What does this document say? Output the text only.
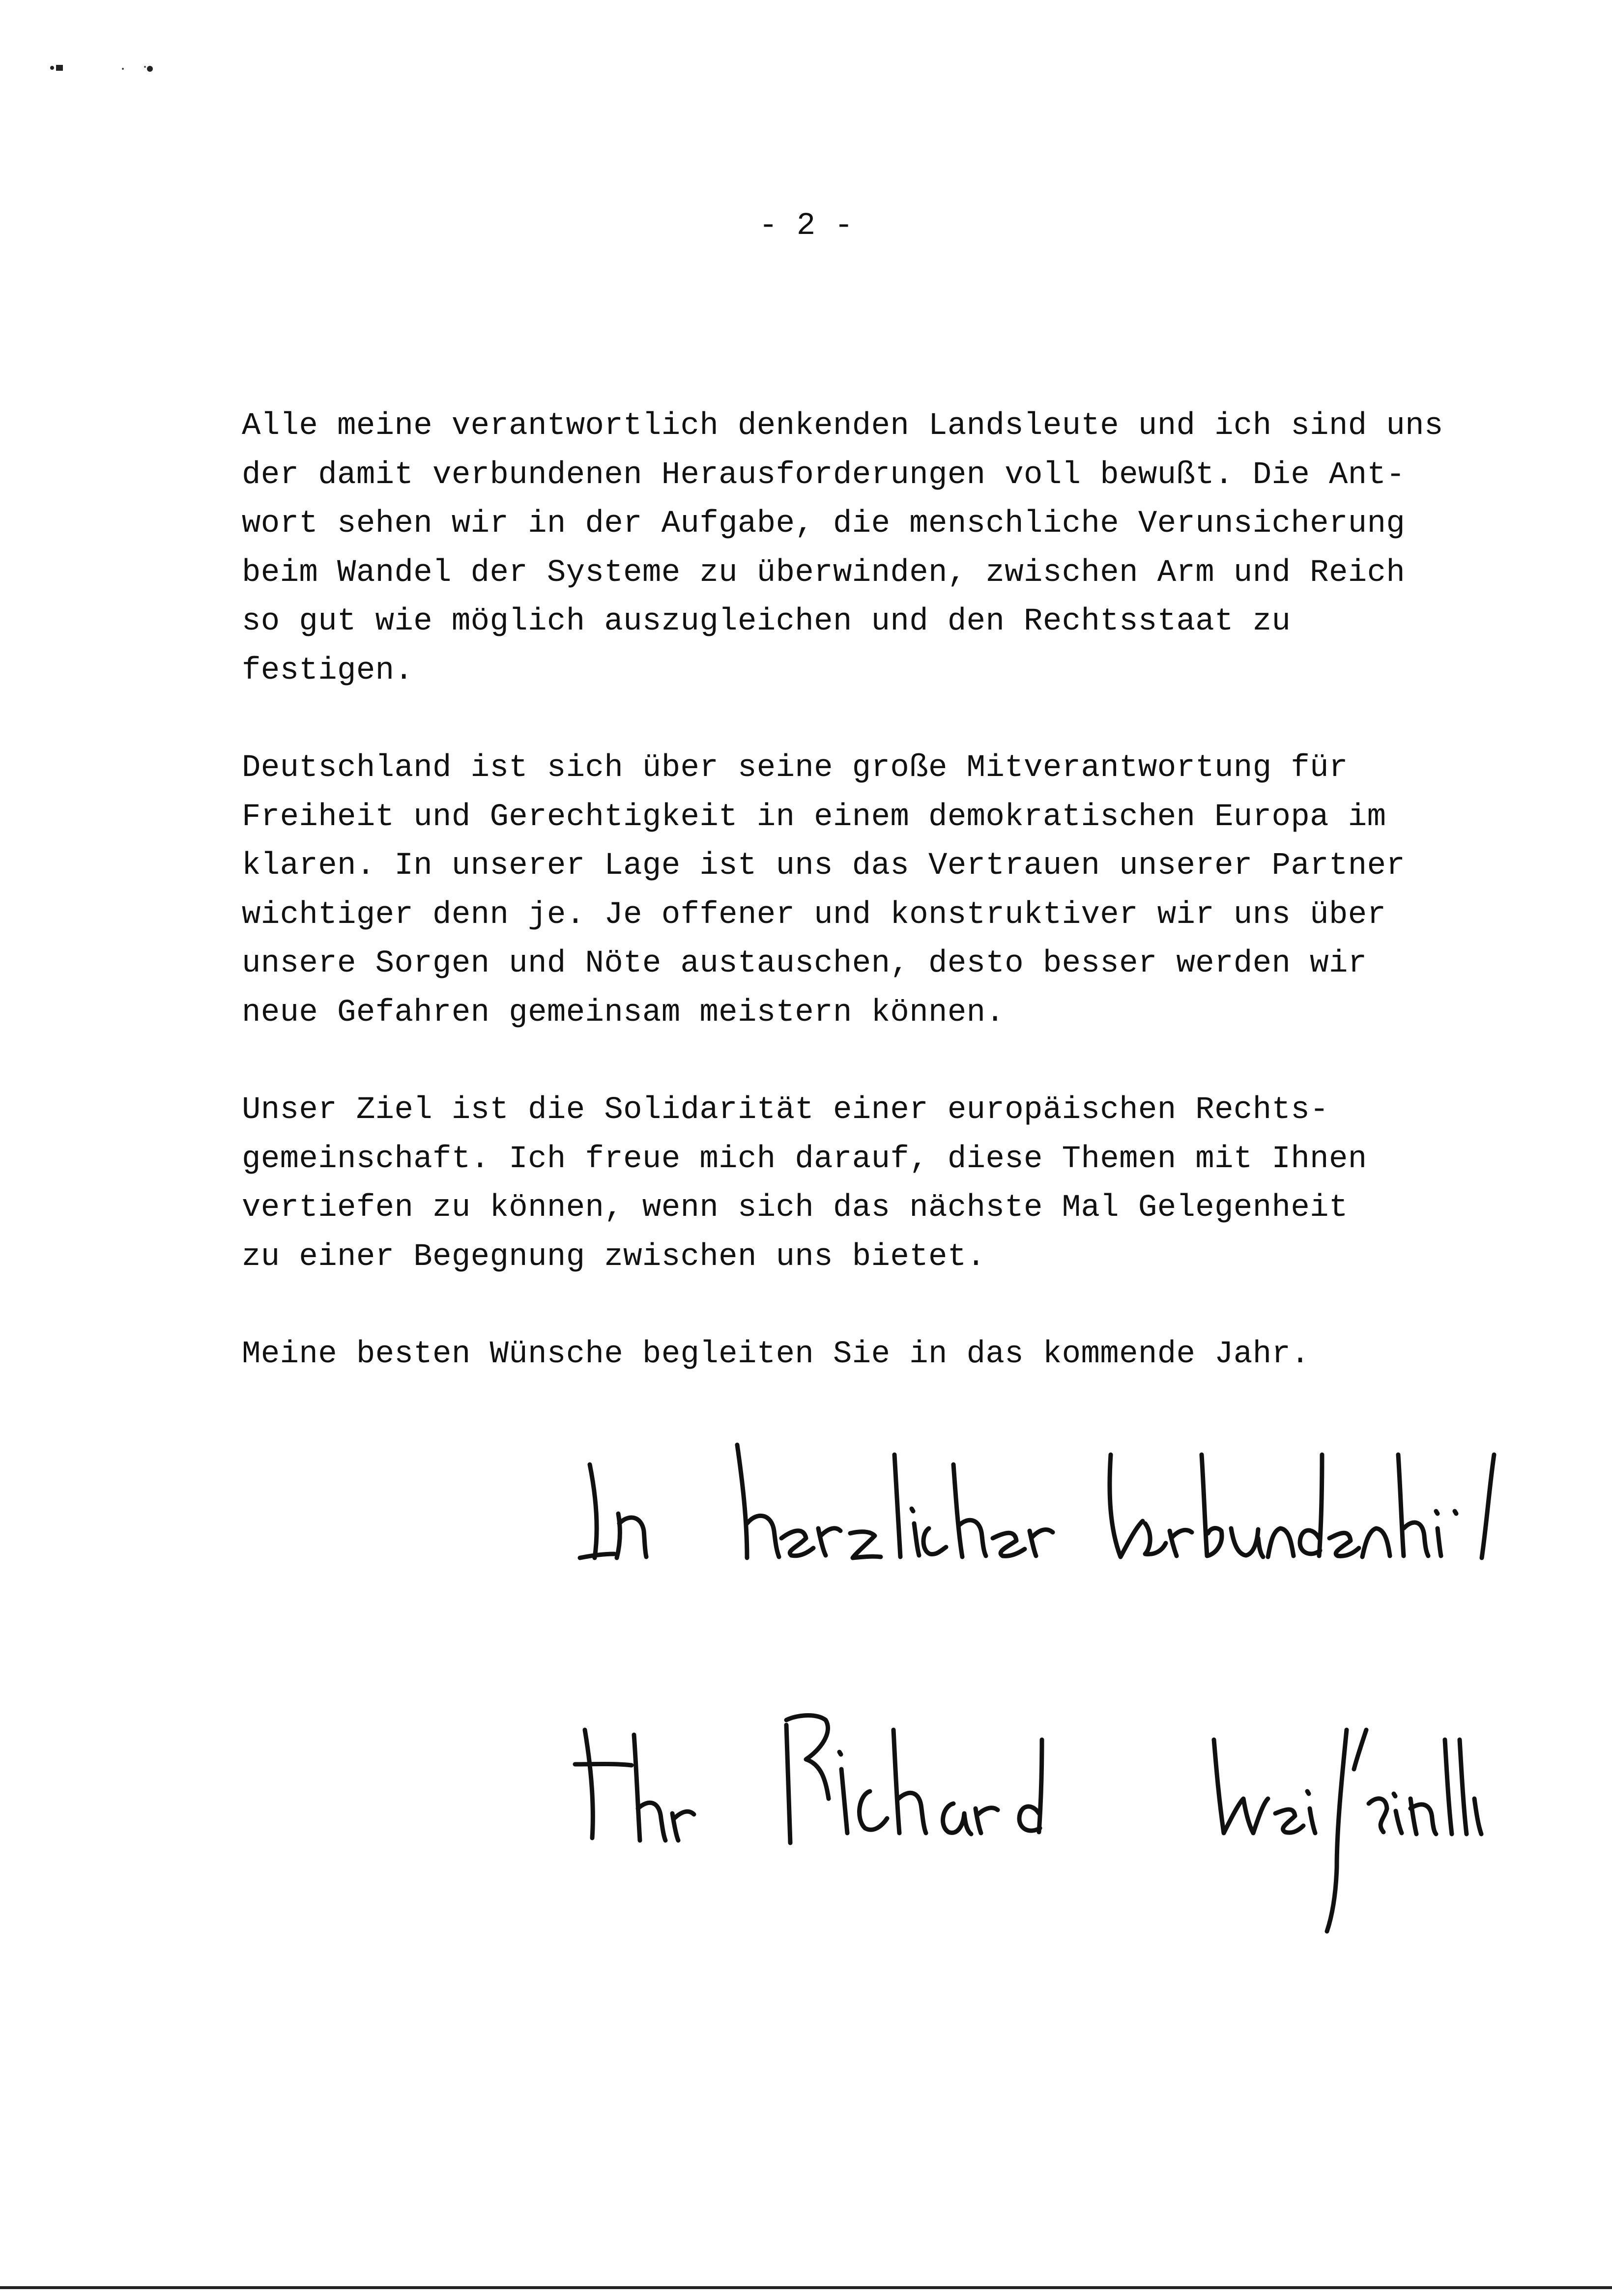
- 2 -

Alle meine verantwortlich denkenden Landsleute und ich sind uns
der damit verbundenen Herausforderungen voll bewußt. Die Ant-
wort sehen wir in der Aufgabe, die menschliche Verunsicherung
beim Wandel der Systeme zu überwinden, zwischen Arm und Reich
so gut wie möglich auszugleichen und den Rechtsstaat zu
festigen.

Deutschland ist sich über seine große Mitverantwortung für
Freiheit und Gerechtigkeit in einem demokratischen Europa im
klaren. In unserer Lage ist uns das Vertrauen unserer Partner
wichtiger denn je. Je offener und konstruktiver wir uns über
unsere Sorgen und Nöte austauschen, desto besser werden wir
neue Gefahren gemeinsam meistern können.

Unser Ziel ist die Solidarität einer europäischen Rechts-
gemeinschaft. Ich freue mich darauf, diese Themen mit Ihnen
vertiefen zu können, wenn sich das nächste Mal Gelegenheit
zu einer Begegnung zwischen uns bietet.

Meine besten Wünsche begleiten Sie in das kommende Jahr.
